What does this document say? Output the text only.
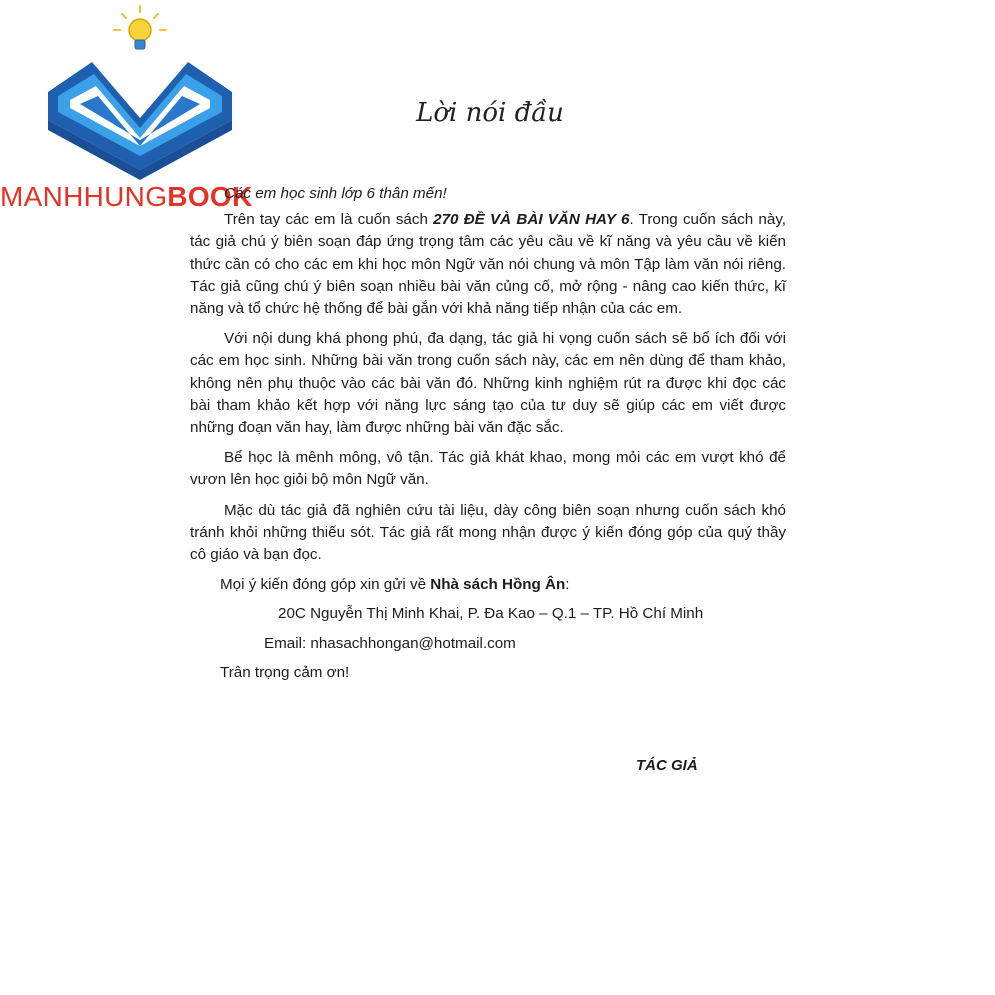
MANHHUNGBOOK
Lời nói đầu

Các em học sinh lớp 6 thân mến!

Trên tay các em là cuốn sách 270 ĐỀ VÀ BÀI VĂN HAY 6. Trong cuốn sách này, tác giả chú ý biên soạn đáp ứng trọng tâm các yêu cầu về kĩ năng và yêu cầu về kiến thức cần có cho các em khi học môn Ngữ văn nói chung và môn Tập làm văn nói riêng. Tác giả cũng chú ý biên soạn nhiều bài văn củng cố, mở rộng - nâng cao kiến thức, kĩ năng và tổ chức hệ thống để bài gắn với khả năng tiếp nhận của các em.

Với nội dung khá phong phú, đa dạng, tác giả hi vọng cuốn sách sẽ bổ ích đối với các em học sinh. Những bài văn trong cuốn sách này, các em nên dùng để tham khảo, không nên phụ thuộc vào các bài văn đó. Những kinh nghiệm rút ra được khi đọc các bài tham khảo kết hợp với năng lực sáng tạo của tư duy sẽ giúp các em viết được những đoạn văn hay, làm được những bài văn đặc sắc.

Bể học là mênh mông, vô tận. Tác giả khát khao, mong mỏi các em vượt khó để vươn lên học giỏi bộ môn Ngữ văn.

Mặc dù tác giả đã nghiên cứu tài liệu, dày công biên soạn nhưng cuốn sách khó tránh khỏi những thiếu sót. Tác giả rất mong nhận được ý kiến đóng góp của quý thầy cô giáo và bạn đọc.

Mọi ý kiến đóng góp xin gửi về Nhà sách Hồng Ân:

20C Nguyễn Thị Minh Khai, P. Đa Kao – Q.1 – TP. Hồ Chí Minh

Email: nhasachhongan@hotmail.com

Trân trọng cảm ơn!

TÁC GIẢ
